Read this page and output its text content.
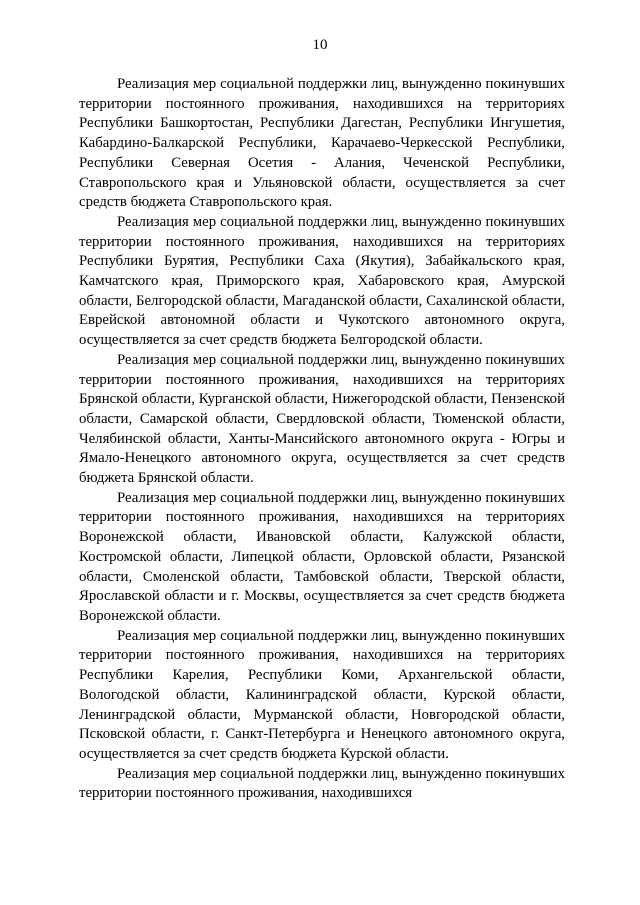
10

Реализация мер социальной поддержки лиц, вынужденно покинувших территории постоянного проживания, находившихся на территориях Республики Башкортостан, Республики Дагестан, Республики Ингушетия, Кабардино-Балкарской Республики, Карачаево-Черкесской Республики, Республики Северная Осетия - Алания, Чеченской Республики, Ставропольского края и Ульяновской области, осуществляется за счет средств бюджета Ставропольского края.

Реализация мер социальной поддержки лиц, вынужденно покинувших территории постоянного проживания, находившихся на территориях Республики Бурятия, Республики Саха (Якутия), Забайкальского края, Камчатского края, Приморского края, Хабаровского края, Амурской области, Белгородской области, Магаданской области, Сахалинской области, Еврейской автономной области и Чукотского автономного округа, осуществляется за счет средств бюджета Белгородской области.

Реализация мер социальной поддержки лиц, вынужденно покинувших территории постоянного проживания, находившихся на территориях Брянской области, Курганской области, Нижегородской области, Пензенской области, Самарской области, Свердловской области, Тюменской области, Челябинской области, Ханты-Мансийского автономного округа - Югры и Ямало-Ненецкого автономного округа, осуществляется за счет средств бюджета Брянской области.

Реализация мер социальной поддержки лиц, вынужденно покинувших территории постоянного проживания, находившихся на территориях Воронежской области, Ивановской области, Калужской области, Костромской области, Липецкой области, Орловской области, Рязанской области, Смоленской области, Тамбовской области, Тверской области, Ярославской области и г. Москвы, осуществляется за счет средств бюджета Воронежской области.

Реализация мер социальной поддержки лиц, вынужденно покинувших территории постоянного проживания, находившихся на территориях Республики Карелия, Республики Коми, Архангельской области, Вологодской области, Калининградской области, Курской области, Ленинградской области, Мурманской области, Новгородской области, Псковской области, г. Санкт-Петербурга и Ненецкого автономного округа, осуществляется за счет средств бюджета Курской области.

Реализация мер социальной поддержки лиц, вынужденно покинувших территории постоянного проживания, находившихся
